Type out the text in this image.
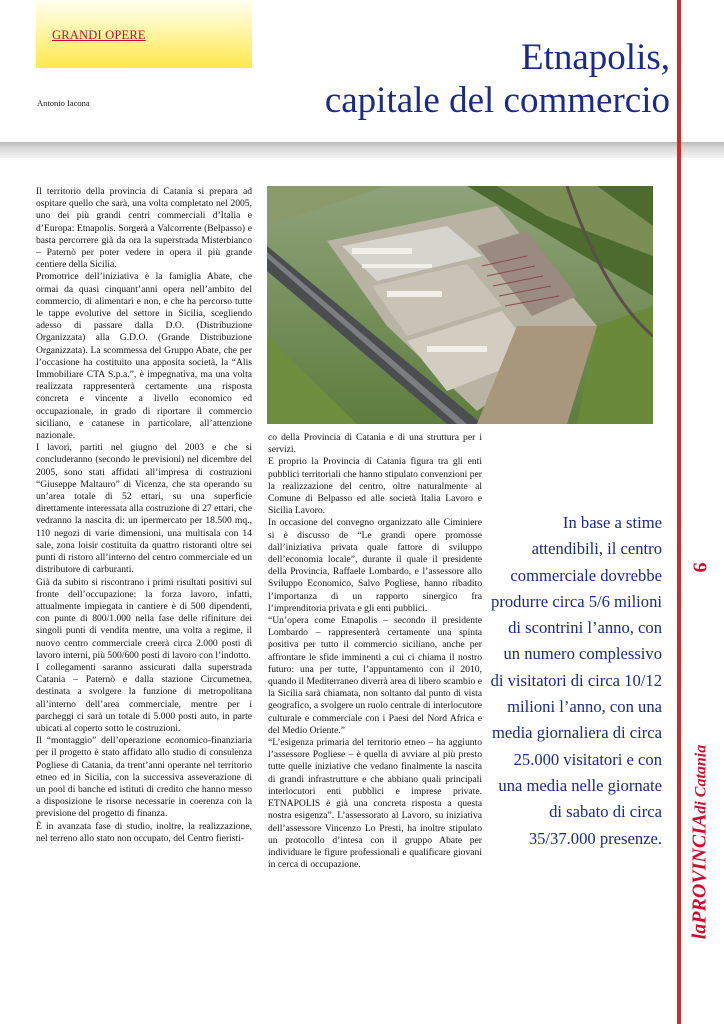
GRANDI OPERE
Antonio Iacona
Etnapolis,
capitale del commercio
9
laPROVINCIAdi Catania

Il territorio della provincia di Catania si prepara ad ospitare quello che sarà, una volta completato nel 2005, uno dei più grandi centri commerciali d’Italia e d’Europa: Etnapolis. Sorgerà a Valcorrente (Belpasso) e basta percorrere già da ora la superstrada Misterbianco – Paternò per poter vedere in opera il più grande centiere della Sicilia.

Promotrice dell’iniziativa è la famiglia Abate, che ormai da quasi cinquant’anni opera nell’ambito del commercio, di alimentari e non, e che ha percorso tutte le tappe evolutive del settore in Sicilia, scegliendo adesso di passare dalla D.O. (Distribuzione Organizzata) alla G.D.O. (Grande Distribuzione Organizzata). La scommessa del Gruppo Abate, che per l’occasione ha costituito una apposita società, la “Alis Immobiliare CTA S.p.a.”, è impegnativa, ma una volta realizzata rappresenterà certamente una risposta concreta e vincente a livello economico ed occupazionale, in grado di riportare il commercio siciliano, e catanese in particolare, all’attenzione nazionale.

I lavori, partiti nel giugno del 2003 e che si concluderanno (secondo le previsioni) nel dicembre del 2005, sono stati affidati all’impresa di costruzioni “Giuseppe Maltauro” di Vicenza, che sta operando su un’area totale di 52 ettari, su una superficie direttamente interessata alla costruzione di 27 ettari, che vedranno la nascita di: un ipermercato per 18.500 mq., 110 negozi di varie dimensioni, una multisala con 14 sale, zona loisir costituita da quattro ristoranti oltre sei punti di ristoro all’interno del centro commerciale ed un distributore di carburanti.

Già da subito si riscontrano i primi risultati positivi sul fronte dell’occupazione: la forza lavoro, infatti, attualmente impiegata in cantiere è di 500 dipendenti, con punte di 800/1.000 nella fase delle rifiniture dei singoli punti di vendita mentre, una volta a regime, il nuovo centro commerciale creerà circa 2.000 posti di lavoro interni, più 500/600 posti di lavoro con l’indotto.

I collegamenti saranno assicurati dalla superstrada Catania – Paternò e dalla stazione Circumetnea, destinata a svolgere la funzione di metropolitana all’interno dell’area commerciale, mentre per i parcheggi ci sarà un totale di 5.000 posti auto, in parte ubicati al coperto sotto le costruzioni.

Il “montaggio” dell’operazione economico-finanziaria per il progetto è stato affidato allo studio di consulenza Pogliese di Catania, da trent’anni operante nel territorio etneo ed in Sicilia, con la successiva asseverazione di un pool di banche ed istituti di credito che hanno messo a disposizione le risorse necessarie in coerenza con la previsione del progetto di finanza.

È in avanzata fase di studio, inoltre, la realizzazione, nel terreno allo stato non occupato, del Centro fieristi-

co della Provincia di Catania e di una struttura per i servizi.

E proprio la Provincia di Catania figura tra gli enti pubblici territoriali che hanno stipulato convenzioni per la realizzazione del centro, oltre naturalmente al Comune di Belpasso ed alle società Italia Lavoro e Sicilia Lavoro.

In occasione del convegno organizzato alle Ciminiere si è discusso de “Le grandi opere promosse dall’iniziativa privata quale fattore di sviluppo dell’economia locale”, durante il quale il presidente della Provincia, Raffaele Lombardo, e l’assessore allo Sviluppo Economico, Salvo Pogliese, hanno ribadito l’importanza di un rapporto sinergico fra l’imprenditoria privata e gli enti pubblici.

“Un’opera come Etnapolis – secondo il presidente Lombardo – rappresenterà certamente una spinta positiva per tutto il commercio siciliano, anche per affrontare le sfide imminenti a cui ci chiama il nostro futuro: una per tutte, l’appuntamento con il 2010, quando il Mediterraneo diverrà area di libero scambio e la Sicilia sarà chiamata, non soltanto dal punto di vista geografico, a svolgere un ruolo centrale di interlocutore culturale e commerciale con i Paesi del Nord Africa e del Medio Oriente.”

“L’esigenza primaria del territorio etneo – ha aggiunto l’assessore Pogliese – è quella di avviare al più presto tutte quelle iniziative che vedano finalmente la nascita di grandi infrastrutture e che abbiano quali principali interlocutori enti pubblici e imprese private. ETNAPOLIS è già una concreta risposta a questa nostra esigenza”. L’assessorato al Lavoro, su iniziativa dell’assessore Vincenzo Lo Presti, ha inoltre stipulato un protocollo d’intesa con il gruppo Abate per individuare le figure professionali e qualificare giovani in cerca di occupazione.

In base a stime attendibili, il centro commerciale dovrebbe produrre circa 5/6 milioni di scontrini l’anno, con un numero complessivo di visitatori di circa 10/12 milioni l’anno, con una media giornaliera di circa 25.000 visitatori e con una media nelle giornate di sabato di circa 35/37.000 presenze.
